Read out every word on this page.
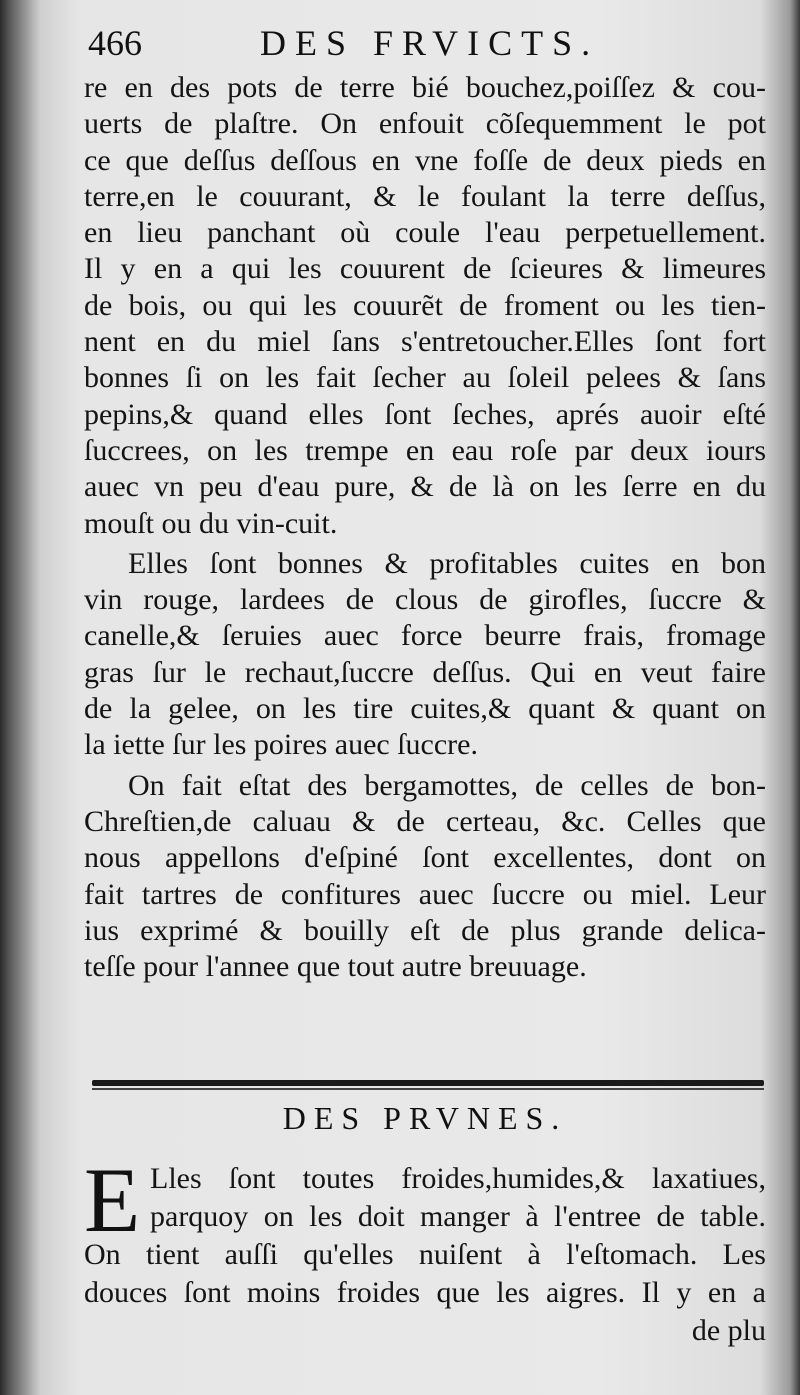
466	DES FRVICTS.
re en des pots de terre bié bouchez,poiſſez & cou-
uerts de plaſtre. On enfouit cõſequemment le pot
ce que deſſus deſſous en vne foſſe de deux pieds en
terre,en le couurant, & le foulant la terre deſſus,
en lieu panchant où coule l'eau perpetuellement.
Il y en a qui les couurent de ſcieures & limeures
de bois, ou qui les couurẽt de froment ou les tien-
nent en du miel ſans s'entretoucher.Elles ſont fort
bonnes ſi on les fait ſecher au ſoleil pelees & ſans
pepins,& quand elles ſont ſeches, aprés auoir eſté
ſuccrees, on les trempe en eau roſe par deux iours
auec vn peu d'eau pure, & de là on les ſerre en du
mouſt ou du vin-cuit.
Elles ſont bonnes & profitables cuites en bon
vin rouge, lardees de clous de girofles, ſuccre &
canelle,& ſeruies auec force beurre frais, fromage
gras ſur le rechaut,ſuccre deſſus. Qui en veut faire
de la gelee, on les tire cuites,& quant & quant on
la iette ſur les poires auec ſuccre.
On fait eſtat des bergamottes, de celles de bon-
Chreſtien,de caluau & de certeau, &c. Celles que
nous appellons d'eſpiné ſont excellentes, dont on
fait tartres de confitures auec ſuccre ou miel. Leur
ius exprimé & bouilly eſt de plus grande delica-
teſſe pour l'annee que tout autre breuuage.
DES PRVNES.
E Lles ſont toutes froides,humides,& laxatiues,
parquoy on les doit manger à l'entree de table.
On tient auſſi qu'elles nuiſent à l'eſtomach. Les
douces ſont moins froides que les aigres. Il y en a
de plu
